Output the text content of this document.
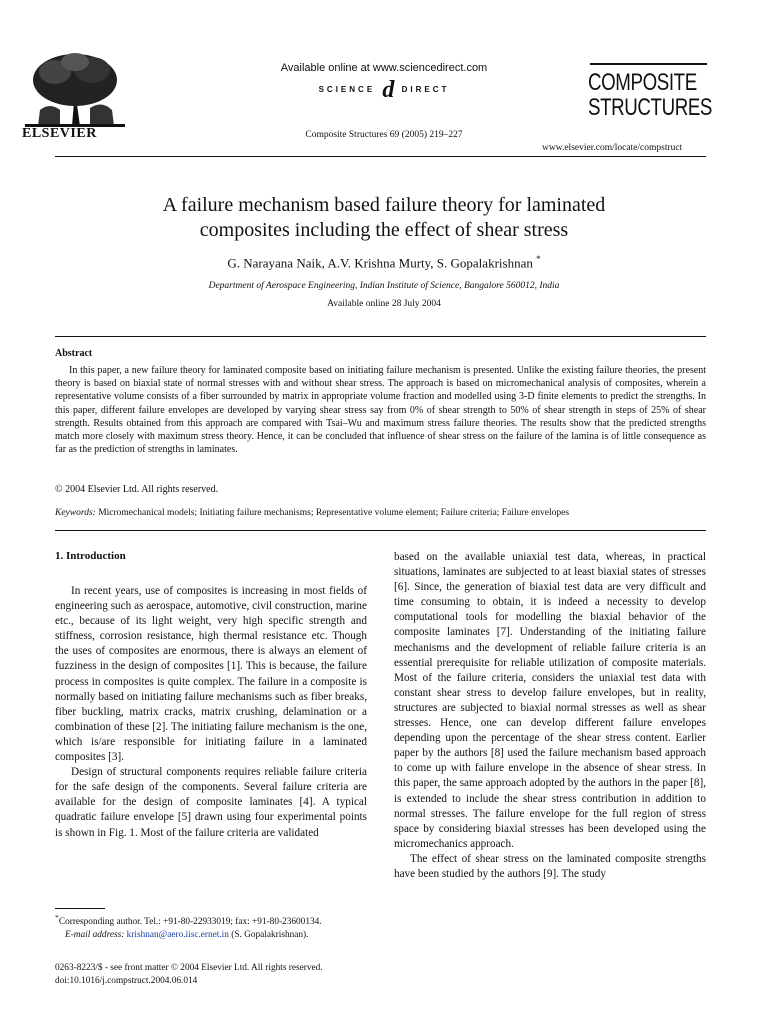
ELSEVIER
Available online at www.sciencedirect.com
SCIENCE d DIRECT
Composite Structures 69 (2005) 219–227
COMPOSITE
STRUCTURES
www.elsevier.com/locate/compstruct
A failure mechanism based failure theory for laminated
composites including the effect of shear stress
G. Narayana Naik, A.V. Krishna Murty, S. Gopalakrishnan *
Department of Aerospace Engineering, Indian Institute of Science, Bangalore 560012, India
Available online 28 July 2004
Abstract
In this paper, a new failure theory for laminated composite based on initiating failure mechanism is presented. Unlike the existing failure theories, the present theory is based on biaxial state of normal stresses with and without shear stress. The approach is based on micromechanical analysis of composites, wherein a representative volume consists of a fiber surrounded by matrix in appropriate volume fraction and modelled using 3-D finite elements to predict the strengths. In this paper, different failure envelopes are developed by varying shear stress say from 0% of shear strength to 50% of shear strength in steps of 25% of shear strength. Results obtained from this approach are compared with Tsai–Wu and maximum stress failure theories. The results show that the predicted strengths match more closely with maximum stress theory. Hence, it can be concluded that influence of shear stress on the failure of the lamina is of little consequence as far as the prediction of strengths in laminates.
© 2004 Elsevier Ltd. All rights reserved.
Keywords: Micromechanical models; Initiating failure mechanisms; Representative volume element; Failure criteria; Failure envelopes
1. Introduction

In recent years, use of composites is increasing in most fields of engineering such as aerospace, automotive, civil construction, marine etc., because of its light weight, very high specific strength and stiffness, corrosion resistance, high thermal resistance etc. Though the uses of composites are enormous, there is always an element of fuzziness in the design of composites [1]. This is because, the failure process in composites is quite complex. The failure in a composite is normally based on initiating failure mechanisms such as fiber breaks, fiber buckling, matrix cracks, matrix crushing, delamination or a combination of these [2]. The initiating failure mechanism is the one, which is/are responsible for initiating failure in a laminated composites [3].

Design of structural components requires reliable failure criteria for the safe design of the components. Several failure criteria are available for the design of composite laminates [4]. A typical quadratic failure envelope [5] drawn using four experimental points is shown in Fig. 1. Most of the failure criteria are validated

based on the available uniaxial test data, whereas, in practical situations, laminates are subjected to at least biaxial states of stresses [6]. Since, the generation of biaxial test data are very difficult and time consuming to obtain, it is indeed a necessity to develop computational tools for modelling the biaxial behavior of the composite laminates [7]. Understanding of the initiating failure mechanisms and the development of reliable failure criteria is an essential prerequisite for reliable utilization of composite materials. Most of the failure criteria, considers the uniaxial test data with constant shear stress to develop failure envelopes, but in reality, structures are subjected to biaxial normal stresses as well as shear stresses. Hence, one can develop different failure envelopes depending upon the percentage of the shear stress content. Earlier paper by the authors [8] used the failure mechanism based approach to come up with failure envelope in the absence of shear stress. In this paper, the same approach adopted by the authors in the paper [8], is extended to include the shear stress contribution in addition to normal stresses. The failure envelope for the full region of stress space by considering biaxial stresses has been developed using the micromechanics approach.

The effect of shear stress on the laminated composite strengths have been studied by the authors [9]. The study

*Corresponding author. Tel.: +91-80-22933019; fax: +91-80-23600134.
E-mail address: krishnan@aero.iisc.ernet.in (S. Gopalakrishnan).
0263-8223/$ - see front matter © 2004 Elsevier Ltd. All rights reserved.
doi:10.1016/j.compstruct.2004.06.014
